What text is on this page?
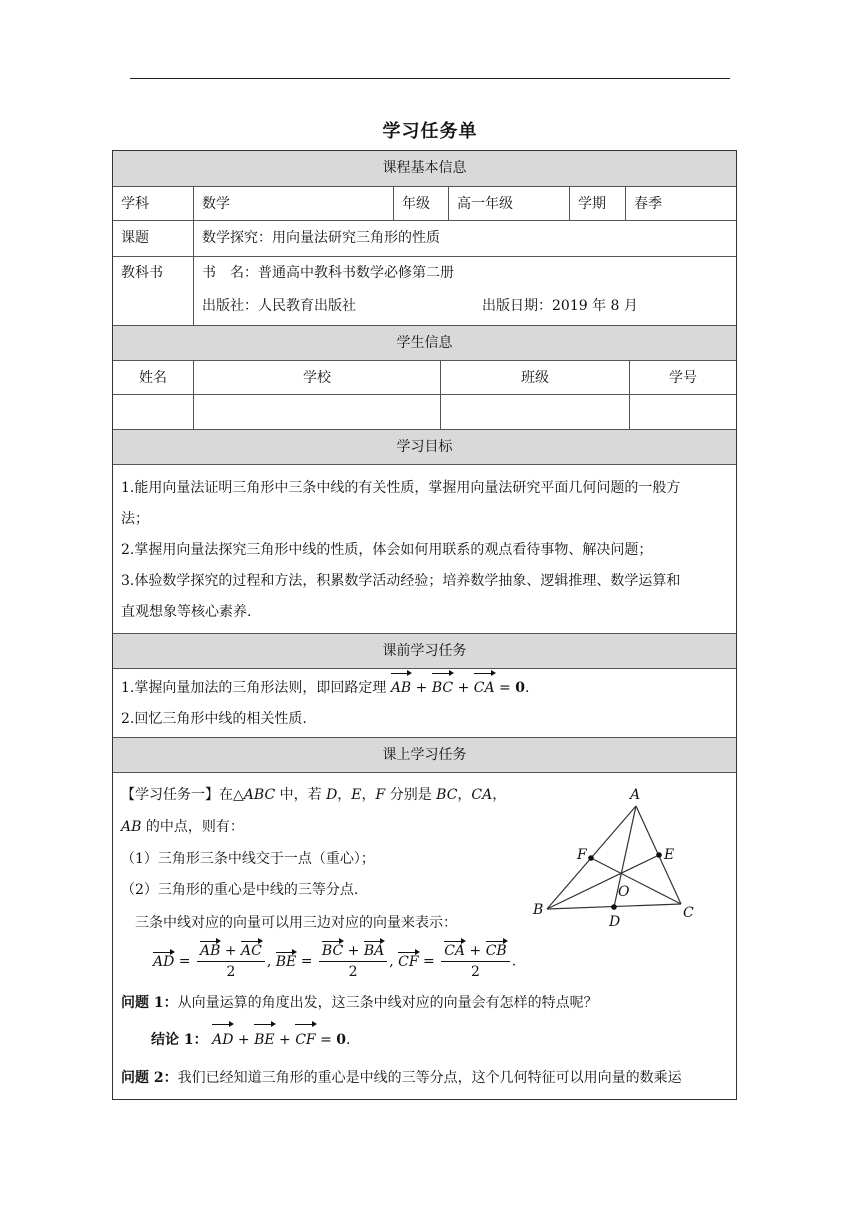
学习任务单
课程基本信息
学科	数学	年级	高一年级	学期	春季
课题	数学探究：用向量法研究三角形的性质
教科书	书　名：普通高中教科书数学必修第二册
出版社：人民教育出版社	出版日期：2019 年 8 月
学生信息
姓名	学校	班级	学号
学习目标
1.能用向量法证明三角形中三条中线的有关性质，掌握用向量法研究平面几何问题的一般方
法；
2.掌握用向量法探究三角形中线的性质，体会如何用联系的观点看待事物、解决问题；
3.体验数学探究的过程和方法，积累数学活动经验；培养数学抽象、逻辑推理、数学运算和
直观想象等核心素养.
课前学习任务
1.掌握向量加法的三角形法则，即回路定理 AB + BC + CA = 0.
2.回忆三角形中线的相关性质.
课上学习任务
【学习任务一】在△ABC 中，若 D，E，F 分别是 BC，CA，
AB 的中点，则有：
（1）三角形三条中线交于一点（重心）；
（2）三角形的重心是中线的三等分点.
三条中线对应的向量可以用三边对应的向量来表示：
AD = $\frac{AB + AC}{2}$ , BE = $\frac{BC + BA}{2}$ , CF = $\frac{CA + CB}{2}$ .
问题 1：从向量运算的角度出发，这三条中线对应的向量会有怎样的特点呢？
结论 1： AD + BE + CF = 0.
问题 2：我们已经知道三角形的重心是中线的三等分点，这个几何特征可以用向量的数乘运
A
B	C
D
E
F
O
